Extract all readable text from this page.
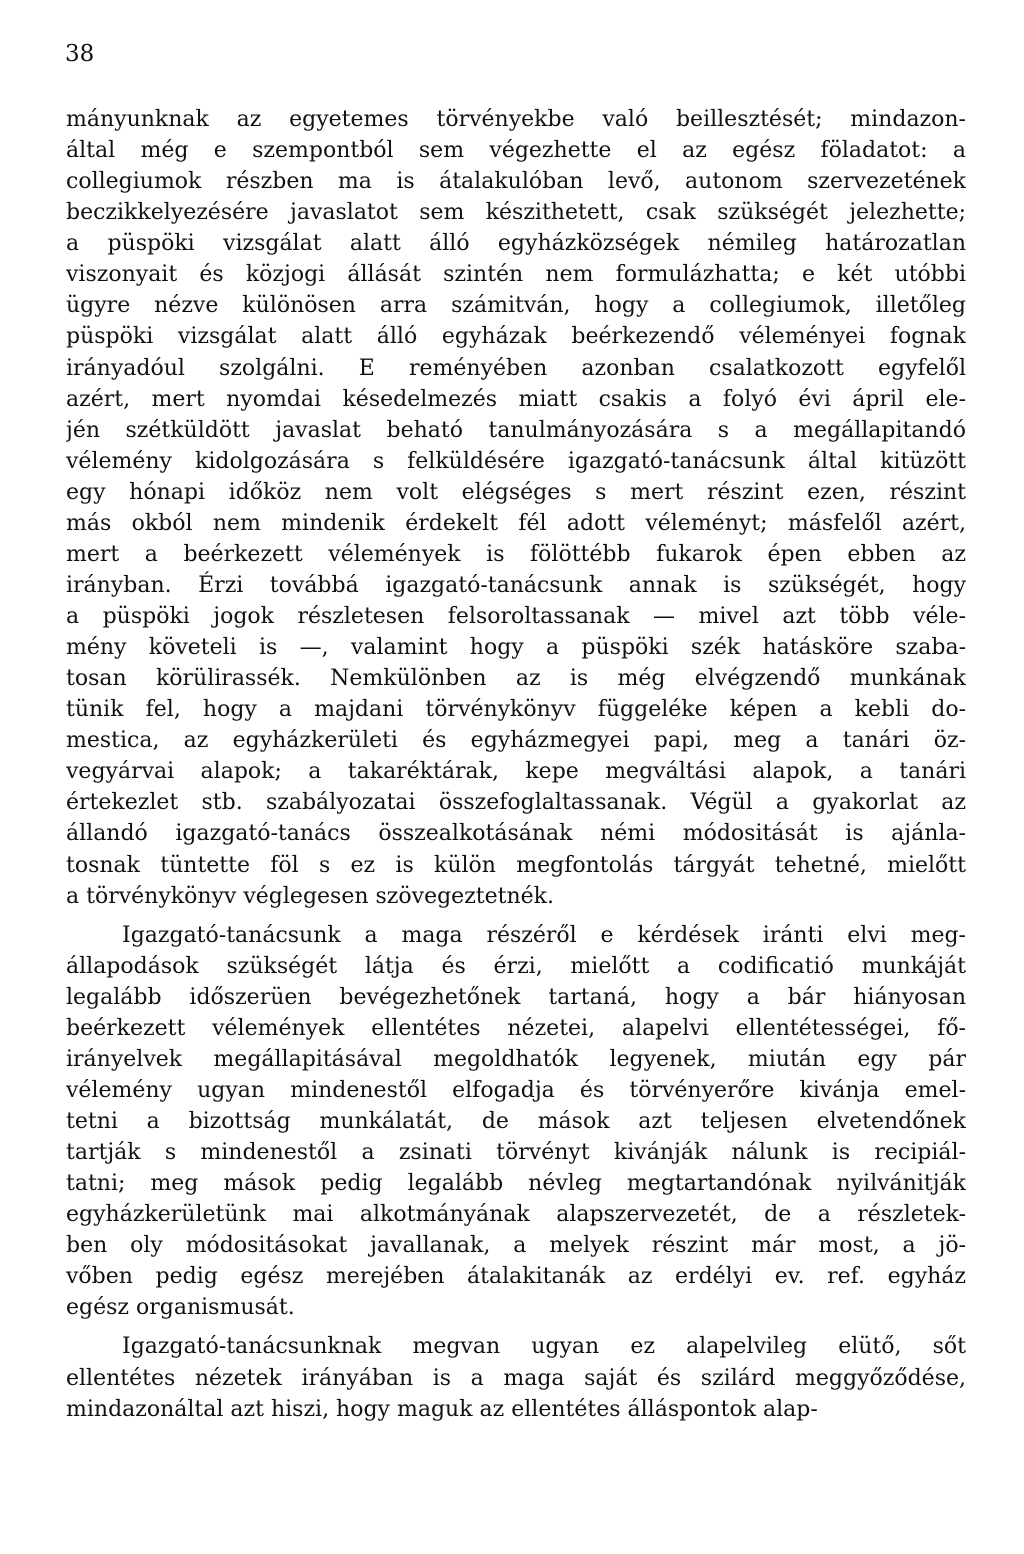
38
mányunknak az egyetemes törvényekbe való beillesztését; mindazon-
által még e szempontból sem végezhette el az egész föladatot: a
collegiumok részben ma is átalakulóban levő, autonom szervezetének
beczikkelyezésére javaslatot sem készithetett, csak szükségét jelezhette;
a püspöki vizsgálat alatt álló egyházközségek némileg határozatlan
viszonyait és közjogi állását szintén nem formulázhatta; e két utóbbi
ügyre nézve különösen arra számitván, hogy a collegiumok, illetőleg
püspöki vizsgálat alatt álló egyházak beérkezendő véleményei fognak
irányadóul szolgálni. E reményében azonban csalatkozott egyfelől
azért, mert nyomdai késedelmezés miatt csakis a folyó évi ápril ele-
jén szétküldött javaslat beható tanulmányozására s a megállapitandó
vélemény kidolgozására s felküldésére igazgató-tanácsunk által kitüzött
egy hónapi időköz nem volt elégséges s mert részint ezen, részint
más okból nem mindenik érdekelt fél adott véleményt; másfelől azért,
mert a beérkezett vélemények is fölöttébb fukarok épen ebben az
irányban. Érzi továbbá igazgató-tanácsunk annak is szükségét, hogy
a püspöki jogok részletesen felsoroltassanak — mivel azt több véle-
mény követeli is —, valamint hogy a püspöki szék hatásköre szaba-
tosan körülirassék. Nemkülönben az is még elvégzendő munkának
tünik fel, hogy a majdani törvénykönyv függeléke képen a kebli do-
mestica, az egyházkerületi és egyházmegyei papi, meg a tanári öz-
vegyárvai alapok; a takaréktárak, kepe megváltási alapok, a tanári
értekezlet stb. szabályozatai összefoglaltassanak. Végül a gyakorlat az
állandó igazgató-tanács összealkotásának némi módositását is ajánla-
tosnak tüntette föl s ez is külön megfontolás tárgyát tehetné, mielőtt
a törvénykönyv véglegesen szövegeztetnék.
Igazgató-tanácsunk a maga részéről e kérdések iránti elvi meg-
állapodások szükségét látja és érzi, mielőtt a codificatió munkáját
legalább időszerüen bevégezhetőnek tartaná, hogy a bár hiányosan
beérkezett vélemények ellentétes nézetei, alapelvi ellentétességei, fő-
irányelvek megállapitásával megoldhatók legyenek, miután egy pár
vélemény ugyan mindenestől elfogadja és törvényerőre kivánja emel-
tetni a bizottság munkálatát, de mások azt teljesen elvetendőnek
tartják s mindenestől a zsinati törvényt kivánják nálunk is recipiál-
tatni; meg mások pedig legalább névleg megtartandónak nyilvánitják
egyházkerületünk mai alkotmányának alapszervezetét, de a részletek-
ben oly módositásokat javallanak, a melyek részint már most, a jö-
vőben pedig egész merejében átalakitanák az erdélyi ev. ref. egyház
egész organismusát.
Igazgató-tanácsunknak megvan ugyan ez alapelvileg elütő, sőt
ellentétes nézetek irányában is a maga saját és szilárd meggyőződése,
mindazonáltal azt hiszi, hogy maguk az ellentétes álláspontok alap-
